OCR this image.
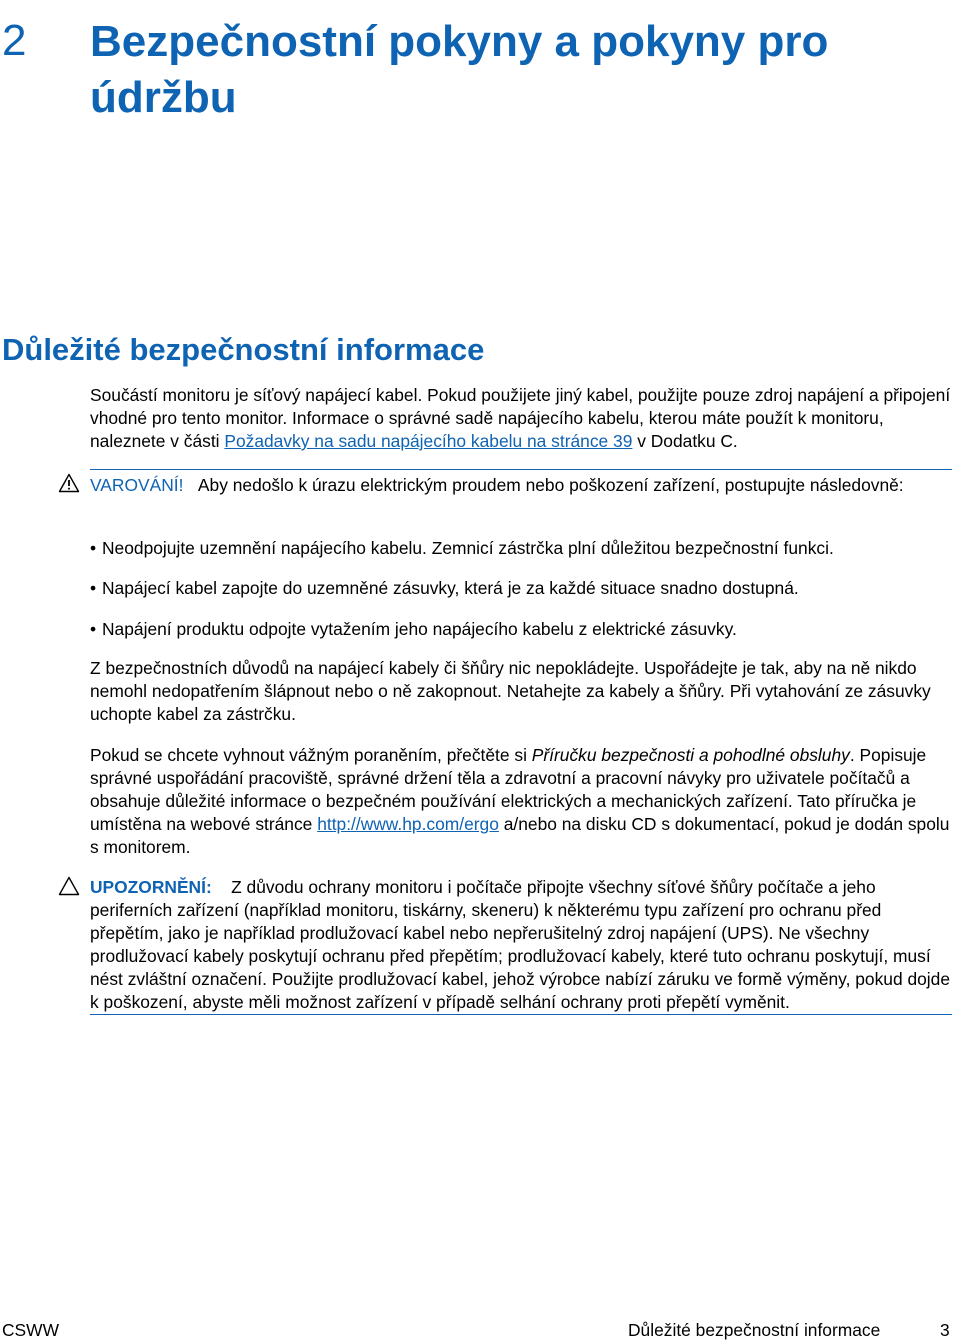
2 Bezpečnostní pokyny a pokyny pro údržbu
Důležité bezpečnostní informace
Součástí monitoru je síťový napájecí kabel. Pokud použijete jiný kabel, použijte pouze zdroj napájení a připojení vhodné pro tento monitor. Informace o správné sadě napájecího kabelu, kterou máte použít k monitoru, naleznete v části Požadavky na sadu napájecího kabelu na stránce 39 v Dodatku C.
VAROVÁNÍ! Aby nedošlo k úrazu elektrickým proudem nebo poškození zařízení, postupujte následovně:
• Neodpojujte uzemnění napájecího kabelu. Zemnicí zástrčka plní důležitou bezpečnostní funkci.
• Napájecí kabel zapojte do uzemněné zásuvky, která je za každé situace snadno dostupná.
• Napájení produktu odpojte vytažením jeho napájecího kabelu z elektrické zásuvky.
Z bezpečnostních důvodů na napájecí kabely či šňůry nic nepokládejte. Uspořádejte je tak, aby na ně nikdo nemohl nedopatřením šlápnout nebo o ně zakopnout. Netahejte za kabely a šňůry. Při vytahování ze zásuvky uchopte kabel za zástrčku.
Pokud se chcete vyhnout vážným poraněním, přečtěte si Příručku bezpečnosti a pohodlné obsluhy. Popisuje správné uspořádání pracoviště, správné držení těla a zdravotní a pracovní návyky pro uživatele počítačů a obsahuje důležité informace o bezpečném používání elektrických a mechanických zařízení. Tato příručka je umístěna na webové stránce http://www.hp.com/ergo a/nebo na disku CD s dokumentací, pokud je dodán spolu s monitorem.
UPOZORNĚNÍ: Z důvodu ochrany monitoru i počítače připojte všechny síťové šňůry počítače a jeho periferních zařízení (například monitoru, tiskárny, skeneru) k některému typu zařízení pro ochranu před přepětím, jako je například prodlužovací kabel nebo nepřerušitelný zdroj napájení (UPS). Ne všechny prodlužovací kabely poskytují ochranu před přepětím; prodlužovací kabely, které tuto ochranu poskytují, musí nést zvláštní označení. Použijte prodlužovací kabel, jehož výrobce nabízí záruku ve formě výměny, pokud dojde k poškození, abyste měli možnost zařízení v případě selhání ochrany proti přepětí vyměnit.
CSWW	Důležité bezpečnostní informace	3
